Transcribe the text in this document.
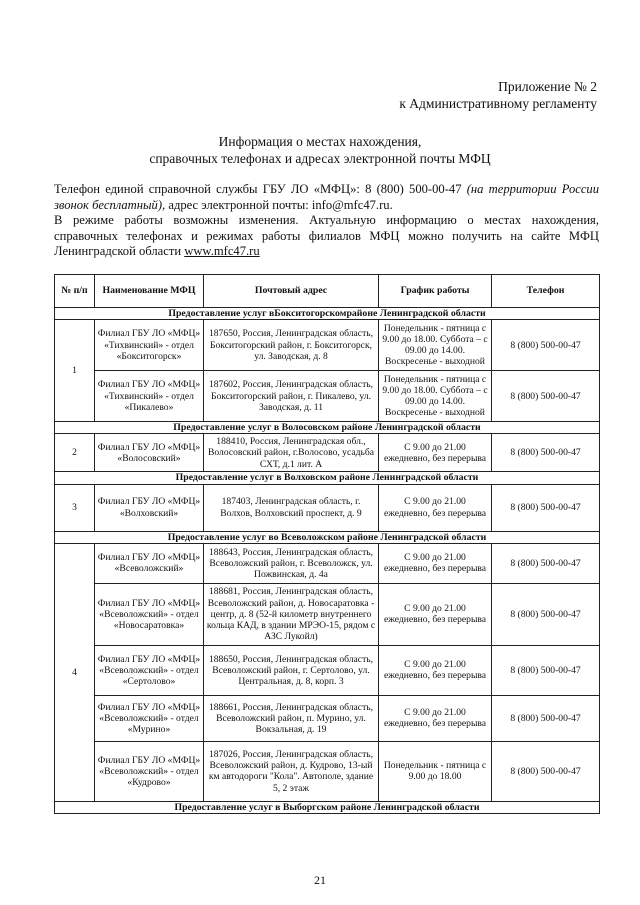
Приложение № 2
к Административному регламенту
Информация о местах нахождения,
справочных телефонах и адресах электронной почты МФЦ

Телефон единой справочной службы ГБУ ЛО «МФЦ»: 8 (800) 500-00-47 (на территории России звонок бесплатный), адрес электронной почты: info@mfc47.ru.

В режиме работы возможны изменения. Актуальную информацию о местах нахождения, справочных телефонах и режимах работы филиалов МФЦ можно получить на сайте МФЦ Ленинградской области www.mfc47.ru

№ п/п	Наименование МФЦ	Почтовый адрес	График работы	Телефон
Предоставление услуг вБокситогорскомрайоне Ленинградской области				
1	Филиал ГБУ ЛО «МФЦ» «Тихвинский» - отдел «Бокситогорск»	187650, Россия, Ленинградская область, Бокситогорский район, г. Бокситогорск, ул. Заводская, д. 8	Понедельник - пятница с 9.00 до 18.00. Суббота – с 09.00 до 14.00. Воскресенье - выходной	8 (800) 500-00-47
	Филиал ГБУ ЛО «МФЦ» «Тихвинский» - отдел «Пикалево»	187602, Россия, Ленинградская область, Бокситогорский район, г. Пикалево, ул. Заводская, д. 11	Понедельник - пятница с 9.00 до 18.00. Суббота – с 09.00 до 14.00. Воскресенье - выходной	8 (800) 500-00-47
Предоставление услуг в Волосовском районе Ленинградской области				
2	Филиал ГБУ ЛО «МФЦ» «Волосовский»	188410, Россия, Ленинградская обл., Волосовский район, г.Волосово, усадьба СХТ, д.1 лит. А	С 9.00 до 21.00 ежедневно, без перерыва	8 (800) 500-00-47
Предоставление услуг в Волховском районе Ленинградской области				
3	Филиал ГБУ ЛО «МФЦ» «Волховский»	187403, Ленинградская область, г. Волхов, Волховский проспект, д. 9	С 9.00 до 21.00 ежедневно, без перерыва	8 (800) 500-00-47
Предоставление услуг во Всеволожском районе Ленинградской области				
4	Филиал ГБУ ЛО «МФЦ» «Всеволожский»	188643, Россия, Ленинградская область, Всеволожский район, г. Всеволожск, ул. Пожвинская, д. 4а	С 9.00 до 21.00 ежедневно, без перерыва	8 (800) 500-00-47
	Филиал ГБУ ЛО «МФЦ» «Всеволожский» - отдел «Новосаратовка»	188681, Россия, Ленинградская область, Всеволожский район, д. Новосаратовка - центр, д. 8 (52-й километр внутреннего кольца КАД, в здании МРЭО-15, рядом с АЗС Лукойл)	С 9.00 до 21.00 ежедневно, без перерыва	8 (800) 500-00-47
	Филиал ГБУ ЛО «МФЦ» «Всеволожский» - отдел «Сертолово»	188650, Россия, Ленинградская область, Всеволожский район, г. Сертолово, ул. Центральная, д. 8, корп. 3	С 9.00 до 21.00 ежедневно, без перерыва	8 (800) 500-00-47
	Филиал ГБУ ЛО «МФЦ» «Всеволожский» - отдел «Мурино»	188661, Россия, Ленинградская область, Всеволожский район, п. Мурино, ул. Вокзальная, д. 19	С 9.00 до 21.00 ежедневно, без перерыва	8 (800) 500-00-47
	Филиал ГБУ ЛО «МФЦ» «Всеволожский» - отдел «Кудрово»	187026, Россия, Ленинградская область, Всеволожский район, д. Кудрово, 13-ый км автодороги "Кола". Автополе, здание 5, 2 этаж	Понедельник - пятница с 9.00 до 18.00	8 (800) 500-00-47
Предоставление услуг в Выборгском районе Ленинградской области				
21
